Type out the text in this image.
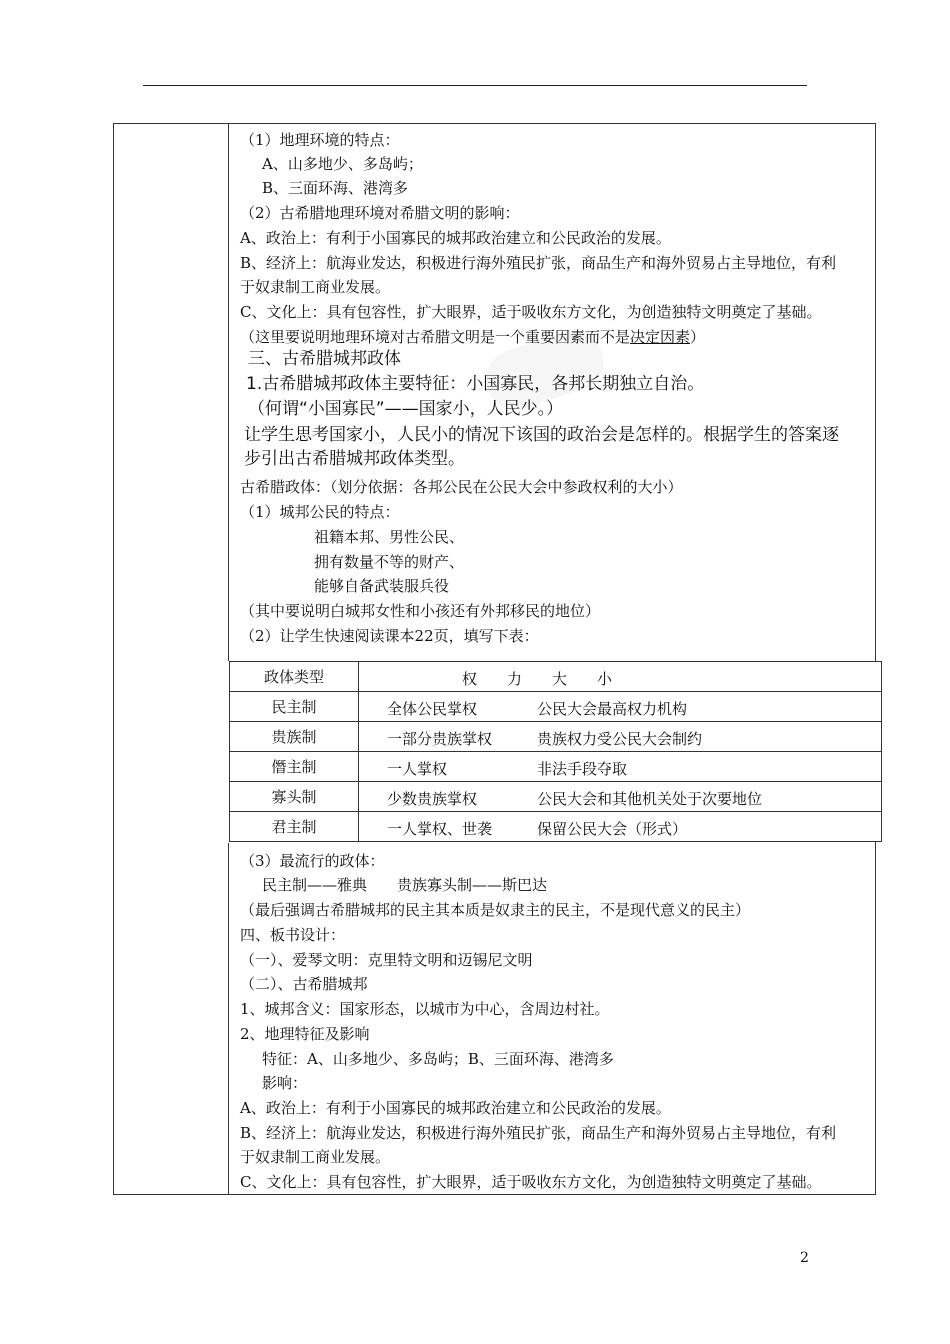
（1）地理环境的特点：
A、山多地少、多岛屿；
B、三面环海、港湾多
（2）古希腊地理环境对希腊文明的影响：
A、政治上：有利于小国寡民的城邦政治建立和公民政治的发展。
B、经济上：航海业发达，积极进行海外殖民扩张，商品生产和海外贸易占主导地位，有利
于奴隶制工商业发展。
C、文化上：具有包容性，扩大眼界，适于吸收东方文化，为创造独特文明奠定了基础。
（这里要说明地理环境对古希腊文明是一个重要因素而不是决定因素）
三、古希腊城邦政体
1.古希腊城邦政体主要特征：小国寡民，各邦长期独立自治。
（何谓“小国寡民”——国家小，人民少。）
让学生思考国家小，人民小的情况下该国的政治会是怎样的。根据学生的答案逐
步引出古希腊城邦政体类型。
古希腊政体：（划分依据：各邦公民在公民大会中参政权利的大小）
（1）城邦公民的特点：
祖籍本邦、男性公民、
拥有数量不等的财产、
能够自备武装服兵役
（其中要说明白城邦女性和小孩还有外邦移民的地位）
（2）让学生快速阅读课本22页，填写下表：
政体类型	权　　力　　大　　小

民主制	全体公民掌权 公民大会最高权力机构

贵族制	一部分贵族掌权 贵族权力受公民大会制约

僭主制	一人掌权 非法手段夺取

寡头制	少数贵族掌权 公民大会和其他机关处于次要地位

君主制	一人掌权、世袭 保留公民大会（形式）
（3）最流行的政体：
民主制——雅典　　贵族寡头制——斯巴达
（最后强调古希腊城邦的民主其本质是奴隶主的民主，不是现代意义的民主）
四、板书设计：
（一）、爱琴文明：克里特文明和迈锡尼文明
（二）、古希腊城邦
1、城邦含义：国家形态，以城市为中心，含周边村社。
2、地理特征及影响
特征：A、山多地少、多岛屿；B、三面环海、港湾多
影响：
A、政治上：有利于小国寡民的城邦政治建立和公民政治的发展。
B、经济上：航海业发达，积极进行海外殖民扩张，商品生产和海外贸易占主导地位，有利
于奴隶制工商业发展。
C、文化上：具有包容性，扩大眼界，适于吸收东方文化，为创造独特文明奠定了基础。
2
